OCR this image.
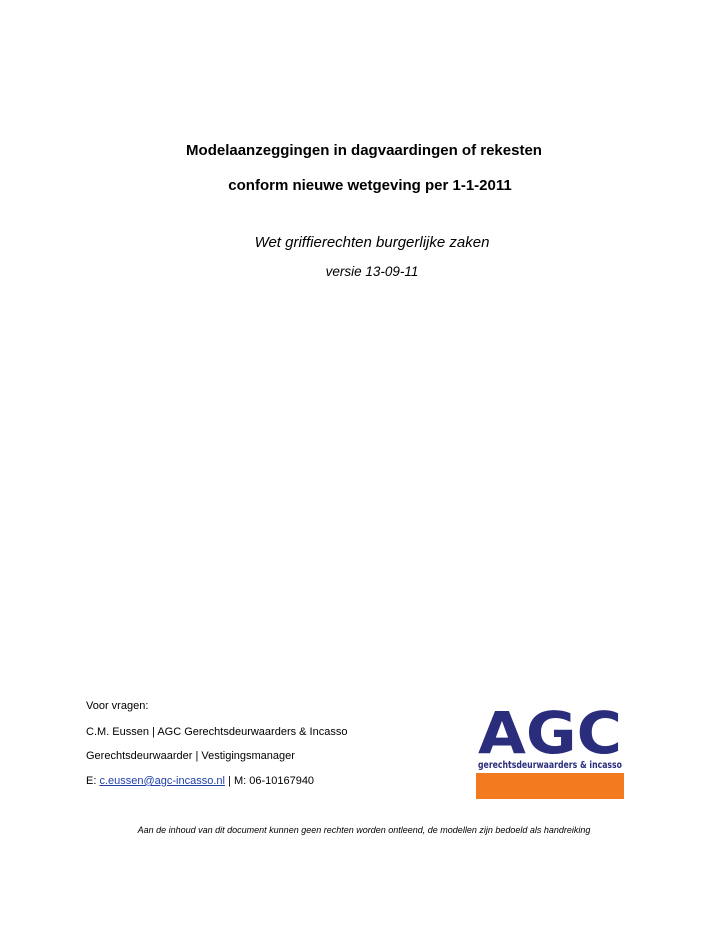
Modelaanzeggingen in dagvaardingen of rekesten
conform nieuwe wetgeving per 1-1-2011
Wet griffierechten burgerlijke zaken
versie 13-09-11
Voor vragen:
C.M. Eussen | AGC Gerechtsdeurwaarders & Incasso
Gerechtsdeurwaarder | Vestigingsmanager
E: c.eussen@agc-incasso.nl | M: 06-10167940
AGC
gerechtsdeurwaarders & incasso
Aan de inhoud van dit document kunnen geen rechten worden ontleend, de modellen zijn bedoeld als handreiking
